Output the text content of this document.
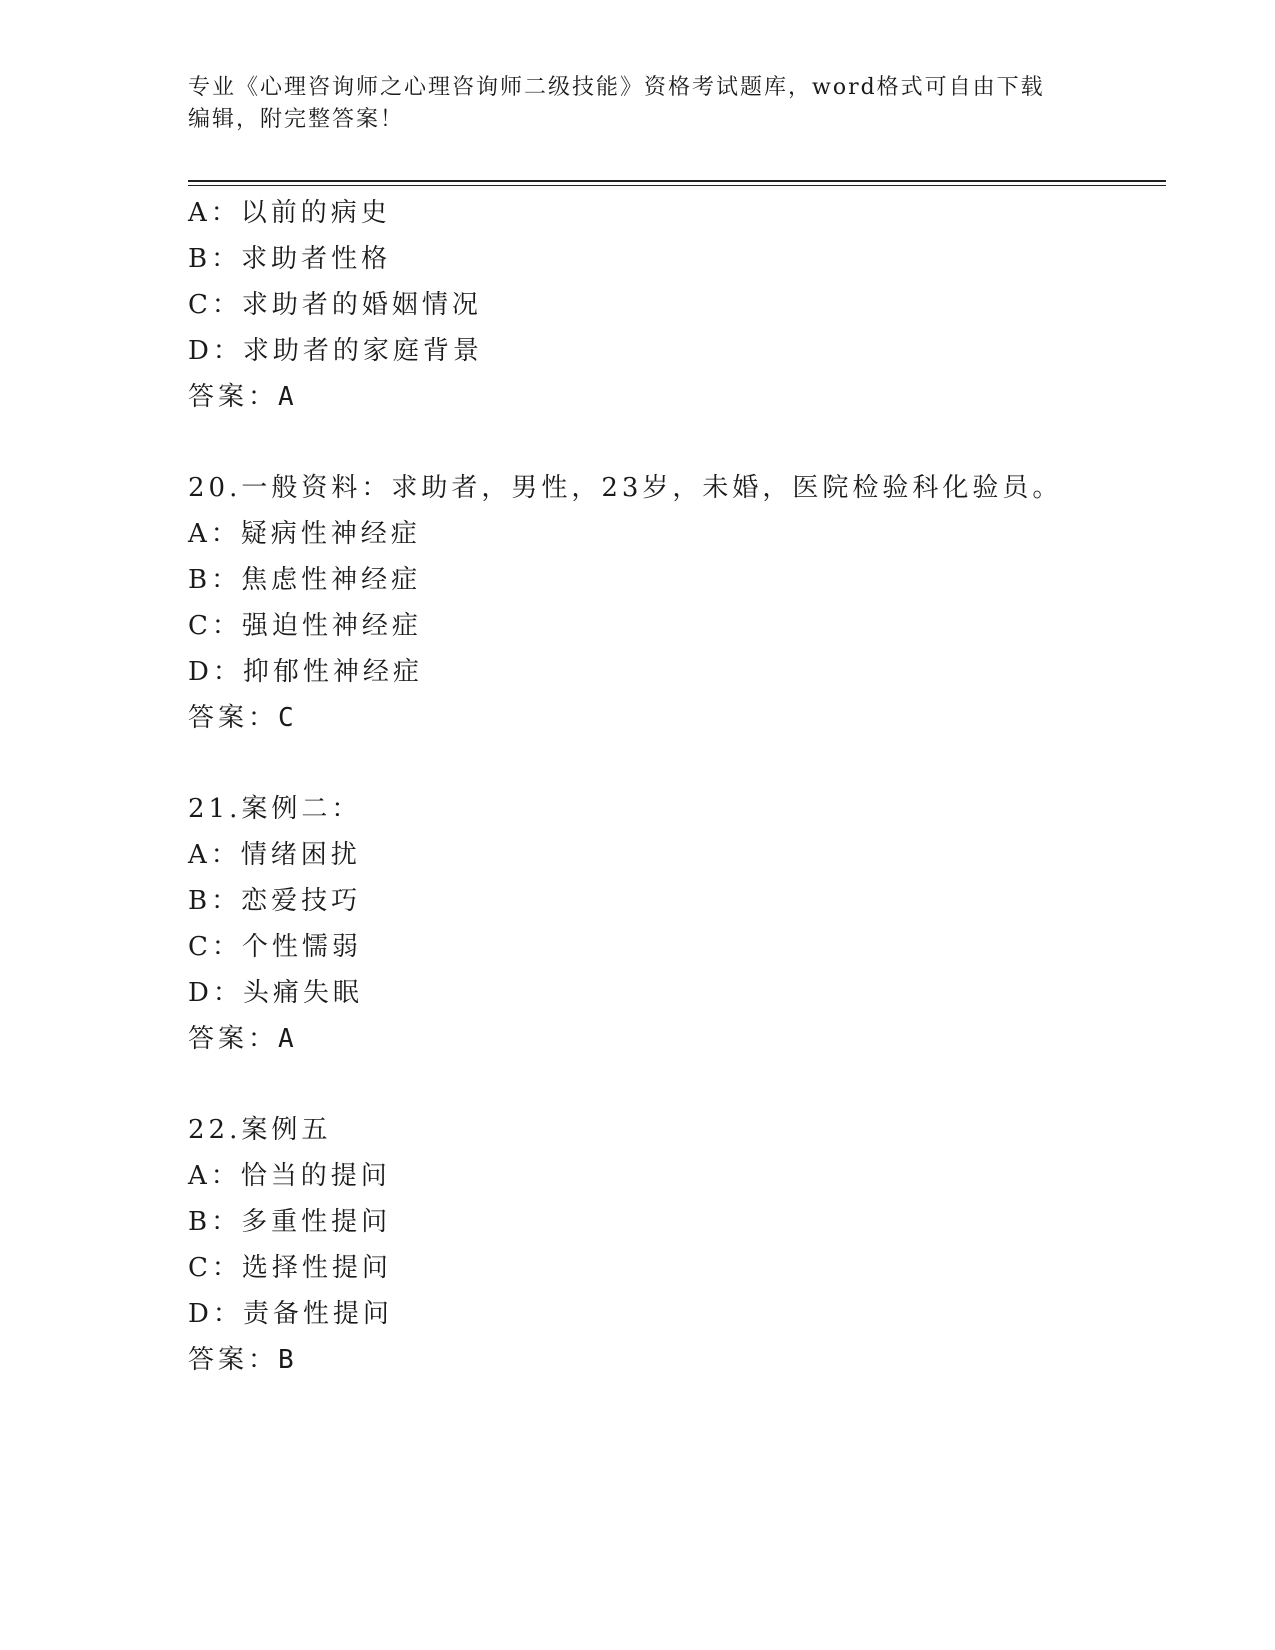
专业《心理咨询师之心理咨询师二级技能》资格考试题库，word格式可自由下载
编辑，附完整答案！
A：以前的病史
B：求助者性格
C：求助者的婚姻情况
D：求助者的家庭背景
答案：A
20.一般资料：求助者，男性，23岁，未婚，医院检验科化验员。
A：疑病性神经症
B：焦虑性神经症
C：强迫性神经症
D：抑郁性神经症
答案：C
21.案例二：
A：情绪困扰
B：恋爱技巧
C：个性懦弱
D：头痛失眠
答案：A
22.案例五
A：恰当的提问
B：多重性提问
C：选择性提问
D：责备性提问
答案：B
